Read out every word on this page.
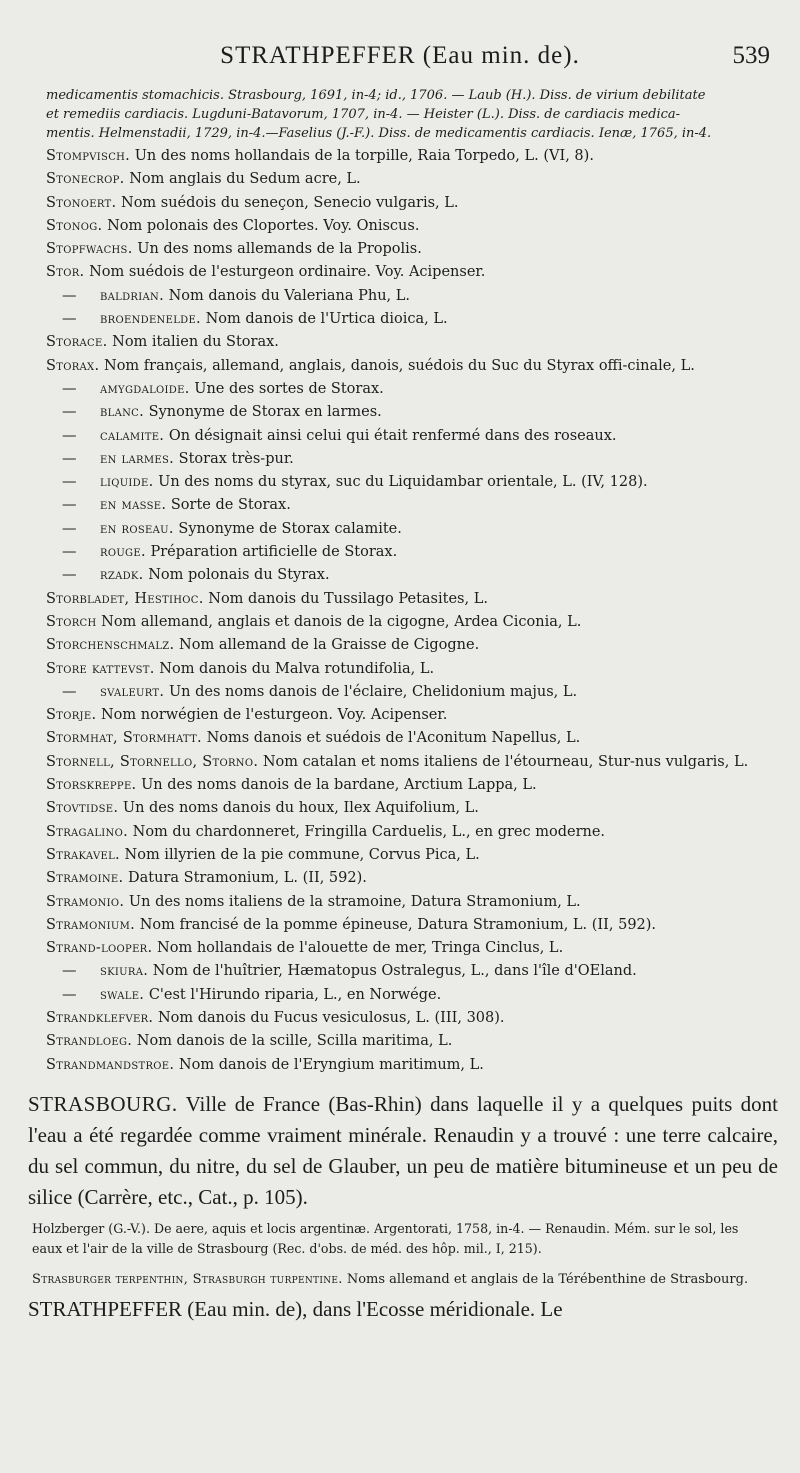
STRATHPEFFER (Eau min. de).	539
medicamentis stomachicis. Strasbourg, 1691, in-4; id., 1706. — Laub (H.). Diss. de virium debilitate
et remediis cardiacis. Lugduni-Batavorum, 1707, in-4. — Heister (L.). Diss. de cardiacis medica-
mentis. Helmenstadii, 1729, in-4.—Faselius (J.-F.). Diss. de medicamentis cardiacis. Ienæ, 1765, in-4.
Stompvisch. Un des noms hollandais de la torpille, Raia Torpedo, L. (VI, 8).
Stonecrop. Nom anglais du Sedum acre, L.
Stonoert. Nom suédois du seneçon, Senecio vulgaris, L.
Stonog. Nom polonais des Cloportes. Voy. Oniscus.
Stopfwachs. Un des noms allemands de la Propolis.
Stor. Nom suédois de l'esturgeon ordinaire. Voy. Acipenser.
— baldrian. Nom danois du Valeriana Phu, L.
— broendenelde. Nom danois de l'Urtica dioica, L.
Storace. Nom italien du Storax.
Storax. Nom français, allemand, anglais, danois, suédois du Suc du Styrax offi-cinale, L.
— amygdaloide. Une des sortes de Storax.
— blanc. Synonyme de Storax en larmes.
— calamite. On désignait ainsi celui qui était renfermé dans des roseaux.
— en larmes. Storax très-pur.
— liquide. Un des noms du styrax, suc du Liquidambar orientale, L. (IV, 128).
— en masse. Sorte de Storax.
— en roseau. Synonyme de Storax calamite.
— rouge. Préparation artificielle de Storax.
— rzadk. Nom polonais du Styrax.
Storbladet, Hestihoc. Nom danois du Tussilago Petasites, L.
Storch Nom allemand, anglais et danois de la cigogne, Ardea Ciconia, L.
Storchenschmalz. Nom allemand de la Graisse de Cigogne.
Store kattevst. Nom danois du Malva rotundifolia, L.
— svaleurt. Un des noms danois de l'éclaire, Chelidonium majus, L.
Storje. Nom norwégien de l'esturgeon. Voy. Acipenser.
Stormhat, Stormhatt. Noms danois et suédois de l'Aconitum Napellus, L.
Stornell, Stornello, Storno. Nom catalan et noms italiens de l'étourneau, Stur-nus vulgaris, L.
Storskreppe. Un des noms danois de la bardane, Arctium Lappa, L.
Stovtidse. Un des noms danois du houx, Ilex Aquifolium, L.
Stragalino. Nom du chardonneret, Fringilla Carduelis, L., en grec moderne.
Strakavel. Nom illyrien de la pie commune, Corvus Pica, L.
Stramoine. Datura Stramonium, L. (II, 592).
Stramonio. Un des noms italiens de la stramoine, Datura Stramonium, L.
Stramonium. Nom francisé de la pomme épineuse, Datura Stramonium, L. (II, 592).
Strand-looper. Nom hollandais de l'alouette de mer, Tringa Cinclus, L.
— skiura. Nom de l'huîtrier, Hæmatopus Ostralegus, L., dans l'île d'OEland.
— swale. C'est l'Hirundo riparia, L., en Norwége.
Strandklefver. Nom danois du Fucus vesiculosus, L. (III, 308).
Strandloeg. Nom danois de la scille, Scilla maritima, L.
Strandmandstroe. Nom danois de l'Eryngium maritimum, L.
STRASBOURG. Ville de France (Bas-Rhin) dans laquelle il y a quelques puits dont l'eau a été regardée comme vraiment minérale. Renaudin y a trouvé : une terre calcaire, du sel commun, du nitre, du sel de Glauber, un peu de matière bitumineuse et un peu de silice (Carrère, etc., Cat., p. 105).
Holzberger (G.-V.). De aere, aquis et locis argentinæ. Argentorati, 1758, in-4. — Renaudin. Mém. sur le sol, les eaux et l'air de la ville de Strasbourg (Rec. d'obs. de méd. des hôp. mil., I, 215).
Strasburger terpenthin, Strasburgh turpentine. Noms allemand et anglais de la Térébenthine de Strasbourg.
STRATHPEFFER (Eau min. de), dans l'Ecosse méridionale. Le
